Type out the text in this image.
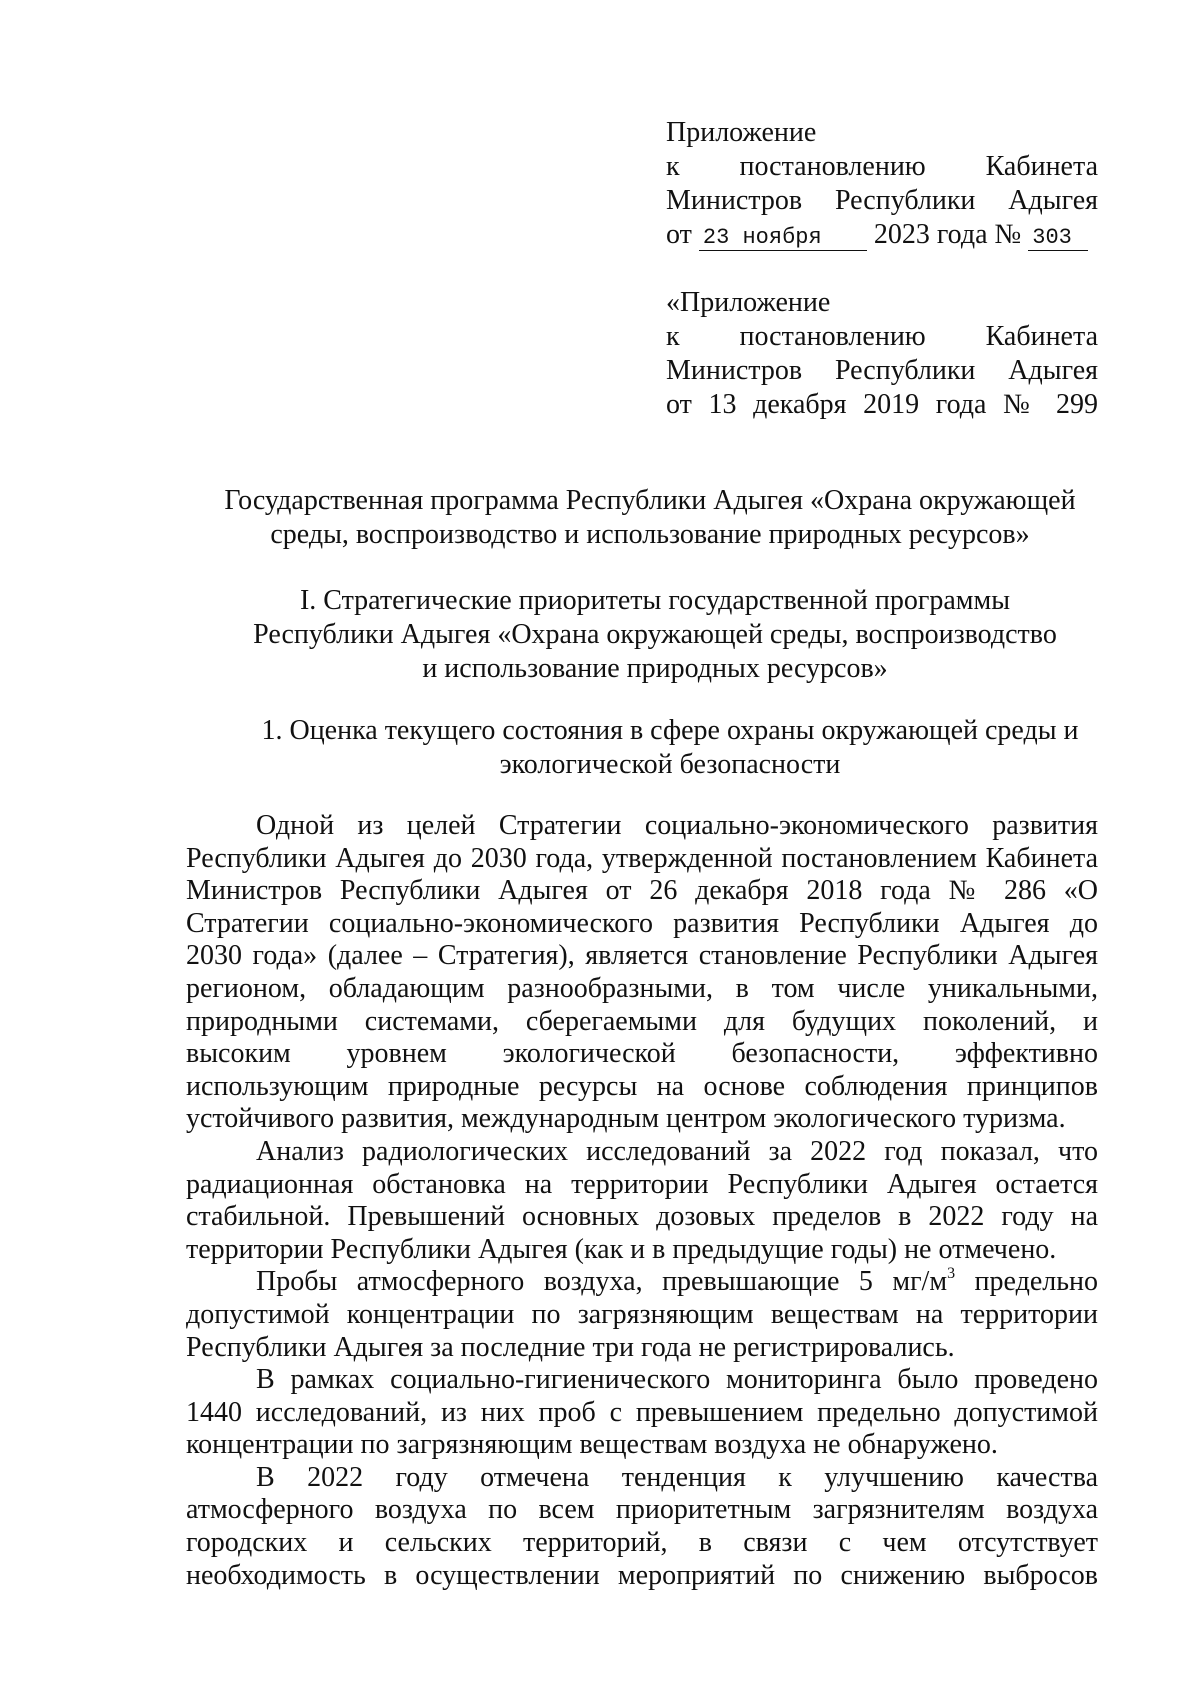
Приложение
к постановлению Кабинета
Министров Республики Адыгея
от 23 ноября 2023 года № 303
«Приложение
к постановлению Кабинета
Министров Республики Адыгея
от 13 декабря 2019 года № 299
Государственная программа Республики Адыгея «Охрана окружающей
среды, воспроизводство и использование природных ресурсов»
I. Стратегические приоритеты государственной программы
Республики Адыгея «Охрана окружающей среды, воспроизводство
и использование природных ресурсов»
1. Оценка текущего состояния в сфере охраны окружающей среды и
экологической безопасности
Одной из целей Стратегии социально-экономического развития
Республики Адыгея до 2030 года, утвержденной постановлением Кабинета
Министров Республики Адыгея от 26 декабря 2018 года № 286 «О
Стратегии социально-экономического развития Республики Адыгея до
2030 года» (далее – Стратегия), является становление Республики Адыгея
регионом, обладающим разнообразными, в том числе уникальными,
природными системами, сберегаемыми для будущих поколений, и
высоким уровнем экологической безопасности, эффективно
использующим природные ресурсы на основе соблюдения принципов
устойчивого развития, международным центром экологического туризма.
Анализ радиологических исследований за 2022 год показал, что
радиационная обстановка на территории Республики Адыгея остается
стабильной. Превышений основных дозовых пределов в 2022 году на
территории Республики Адыгея (как и в предыдущие годы) не отмечено.
Пробы атмосферного воздуха, превышающие 5 $мг/м^3$ предельно
допустимой концентрации по загрязняющим веществам на территории
Республики Адыгея за последние три года не регистрировались.
В рамках социально-гигиенического мониторинга было проведено
1440 исследований, из них проб с превышением предельно допустимой
концентрации по загрязняющим веществам воздуха не обнаружено.
В 2022 году отмечена тенденция к улучшению качества
атмосферного воздуха по всем приоритетным загрязнителям воздуха
городских и сельских территорий, в связи с чем отсутствует
необходимость в осуществлении мероприятий по снижению выбросов
